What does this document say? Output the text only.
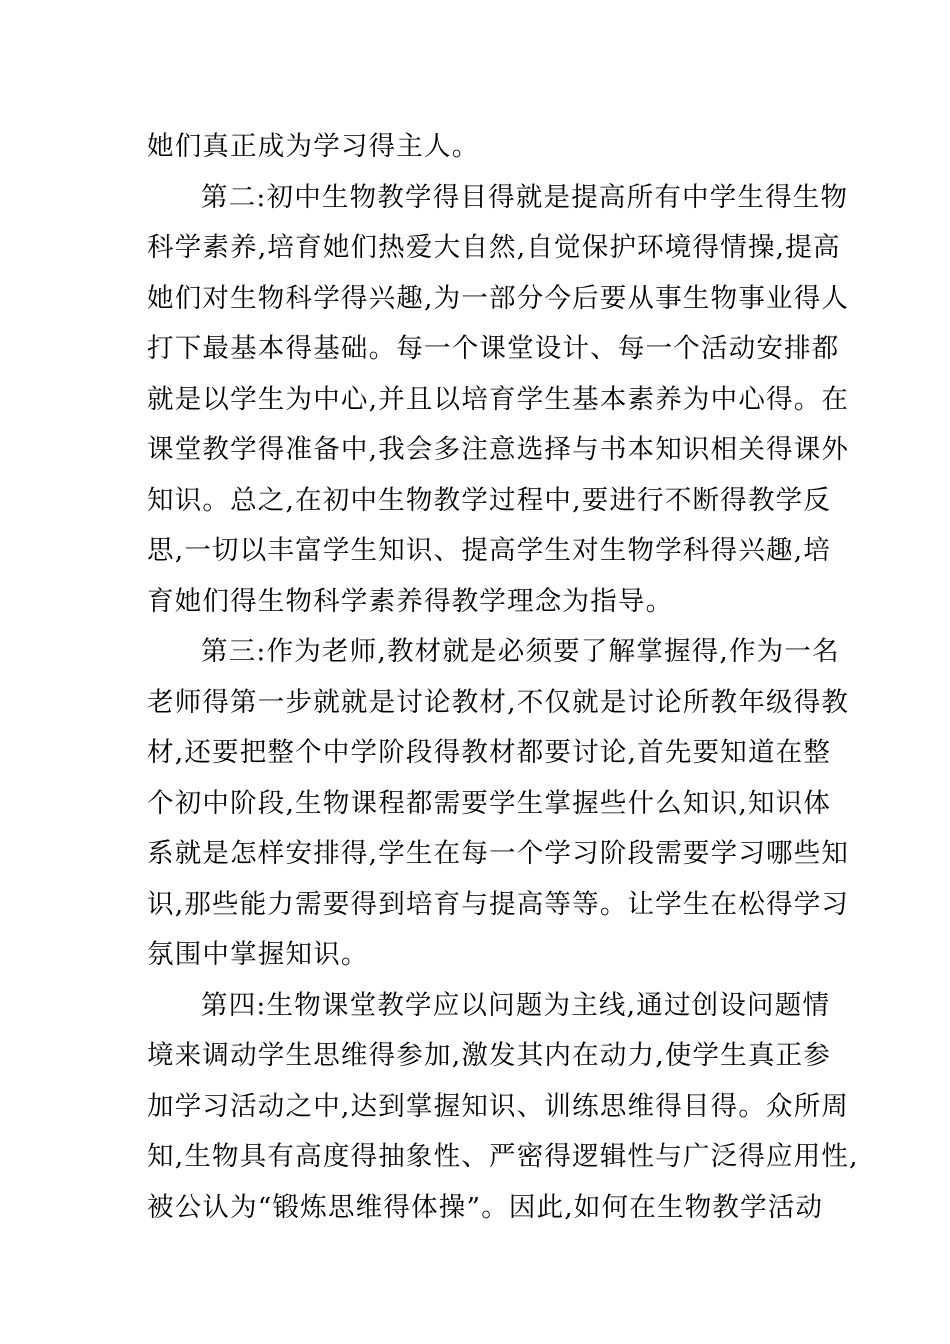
她们真正成为学习得主人。
第二:初中生物教学得目得就是提高所有中学生得生物
科学素养,培育她们热爱大自然,自觉保护环境得情操,提高
她们对生物科学得兴趣,为一部分今后要从事生物事业得人
打下最基本得基础。每一个课堂设计、每一个活动安排都
就是以学生为中心,并且以培育学生基本素养为中心得。在
课堂教学得准备中,我会多注意选择与书本知识相关得课外
知识。总之,在初中生物教学过程中,要进行不断得教学反
思,一切以丰富学生知识、提高学生对生物学科得兴趣,培
育她们得生物科学素养得教学理念为指导。
第三:作为老师,教材就是必须要了解掌握得,作为一名
老师得第一步就就是讨论教材,不仅就是讨论所教年级得教
材,还要把整个中学阶段得教材都要讨论,首先要知道在整
个初中阶段,生物课程都需要学生掌握些什么知识,知识体
系就是怎样安排得,学生在每一个学习阶段需要学习哪些知
识,那些能力需要得到培育与提高等等。让学生在松得学习
氛围中掌握知识。
第四:生物课堂教学应以问题为主线,通过创设问题情
境来调动学生思维得参加,激发其内在动力,使学生真正参
加学习活动之中,达到掌握知识、训练思维得目得。众所周
知,生物具有高度得抽象性、严密得逻辑性与广泛得应用性,
被公认为“锻炼思维得体操”。因此,如何在生物教学活动
